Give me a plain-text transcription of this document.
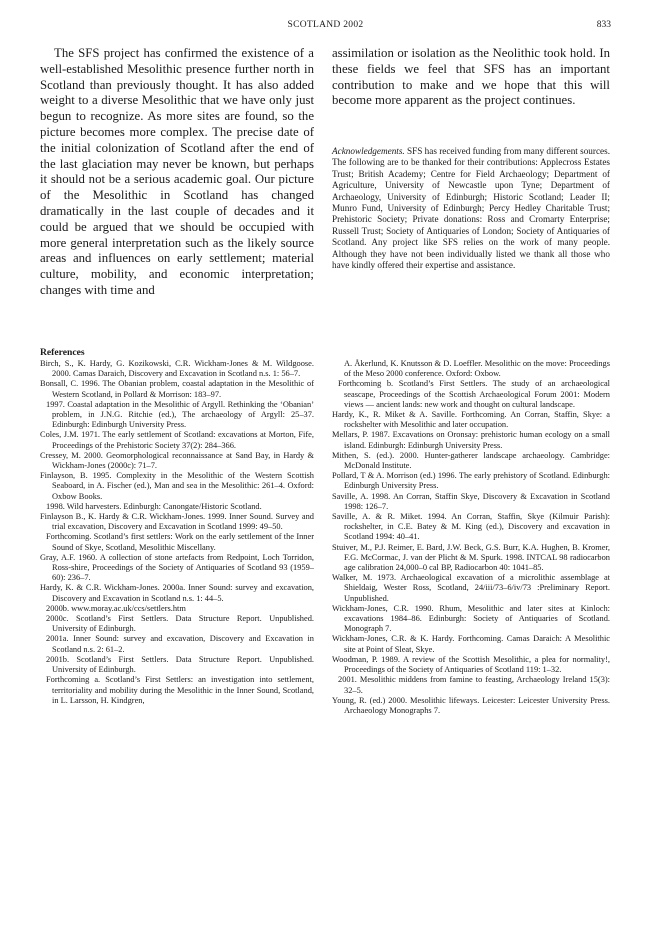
SCOTLAND 2002	833

The SFS project has confirmed the existence of a well-established Mesolithic presence further north in Scotland than previously thought. It has also added weight to a diverse Mesolithic that we have only just begun to recognize. As more sites are found, so the picture becomes more complex. The precise date of the initial colonization of Scotland after the end of the last glaciation may never be known, but perhaps it should not be a serious academic goal. Our picture of the Mesolithic in Scotland has changed dramatically in the last couple of decades and it could be argued that we should be occupied with more general interpretation such as the likely source areas and influences on early settlement; material culture, mobility, and economic interpretation; changes with time and

assimilation or isolation as the Neolithic took hold. In these fields we feel that SFS has an important contribution to make and we hope that this will become more apparent as the project continues.

Acknowledgements. SFS has received funding from many different sources. The following are to be thanked for their contributions: Applecross Estates Trust; British Academy; Centre for Field Archaeology; Department of Agriculture, University of Newcastle upon Tyne; Department of Archaeology, University of Edinburgh; Historic Scotland; Leader II; Munro Fund, University of Edinburgh; Percy Hedley Charitable Trust; Prehistoric Society; Private donations: Ross and Cromarty Enterprise; Russell Trust; Society of Antiquaries of London; Society of Antiquaries of Scotland. Any project like SFS relies on the work of many people. Although they have not been individually listed we thank all those who have kindly offered their expertise and assistance.
References

Birch, S., K. Hardy, G. Kozikowski, C.R. Wickham-Jones & M. Wildgoose. 2000. Camas Daraich, Discovery and Excavation in Scotland n.s. 1: 56–7.

Bonsall, C. 1996. The Obanian problem, coastal adaptation in the Mesolithic of Western Scotland, in Pollard & Morrison: 183–97.

1997. Coastal adaptation in the Mesolithic of Argyll. Rethinking the ‘Obanian’ problem, in J.N.G. Ritchie (ed.), The archaeology of Argyll: 25–37. Edinburgh: Edinburgh University Press.

Coles, J.M. 1971. The early settlement of Scotland: excavations at Morton, Fife, Proceedings of the Prehistoric Society 37(2): 284–366.

Cressey, M. 2000. Geomorphological reconnaissance at Sand Bay, in Hardy & Wickham-Jones (2000c): 71–7.

Finlayson, B. 1995. Complexity in the Mesolithic of the Western Scottish Seaboard, in A. Fischer (ed.), Man and sea in the Mesolithic: 261–4. Oxford: Oxbow Books.

1998. Wild harvesters. Edinburgh: Canongate/Historic Scotland.

Finlayson B., K. Hardy & C.R. Wickham-Jones. 1999. Inner Sound. Survey and trial excavation, Discovery and Excavation in Scotland 1999: 49–50.

Forthcoming. Scotland’s first settlers: Work on the early settlement of the Inner Sound of Skye, Scotland, Mesolithic Miscellany.

Gray, A.F. 1960. A collection of stone artefacts from Redpoint, Loch Torridon, Ross-shire, Proceedings of the Society of Antiquaries of Scotland 93 (1959–60): 236–7.

Hardy, K. & C.R. Wickham-Jones. 2000a. Inner Sound: survey and excavation, Discovery and Excavation in Scotland n.s. 1: 44–5.

2000b. www.moray.ac.uk/ccs/settlers.htm

2000c. Scotland’s First Settlers. Data Structure Report. Unpublished. University of Edinburgh.

2001a. Inner Sound: survey and excavation, Discovery and Excavation in Scotland n.s. 2: 61–2.

2001b. Scotland’s First Settlers. Data Structure Report. Unpublished. University of Edinburgh.

Forthcoming a. Scotland’s First Settlers: an investigation into settlement, territoriality and mobility during the Mesolithic in the Inner Sound, Scotland, in L. Larsson, H. Kindgren,

A. Åkerlund, K. Knutsson & D. Loeffler. Mesolithic on the move: Proceedings of the Meso 2000 conference. Oxford: Oxbow.

Forthcoming b. Scotland’s First Settlers. The study of an archaeological seascape, Proceedings of the Scottish Archaeological Forum 2001: Modern views — ancient lands: new work and thought on cultural landscape.

Hardy, K., R. Miket & A. Saville. Forthcoming. An Corran, Staffin, Skye: a rockshelter with Mesolithic and later occupation.

Mellars, P. 1987. Excavations on Oronsay: prehistoric human ecology on a small island. Edinburgh: Edinburgh University Press.

Mithen, S. (ed.). 2000. Hunter-gatherer landscape archaeology. Cambridge: McDonald Institute.

Pollard, T & A. Morrison (ed.) 1996. The early prehistory of Scotland. Edinburgh: Edinburgh University Press.

Saville, A. 1998. An Corran, Staffin Skye, Discovery & Excavation in Scotland 1998: 126–7.

Saville, A. & R. Miket. 1994. An Corran, Staffin, Skye (Kilmuir Parish): rockshelter, in C.E. Batey & M. King (ed.), Discovery and excavation in Scotland 1994: 40–41.

Stuiver, M., P.J. Reimer, E. Bard, J.W. Beck, G.S. Burr, K.A. Hughen, B. Kromer, F.G. McCormac, J. van der Plicht & M. Spurk. 1998. INTCAL 98 radiocarbon age calibration 24,000–0 cal BP, Radiocarbon 40: 1041–85.

Walker, M. 1973. Archaeological excavation of a microlithic assemblage at Shieldaig, Wester Ross, Scotland, 24/iii/73–6/iv/73 :Preliminary Report. Unpublished.

Wickham-Jones, C.R. 1990. Rhum, Mesolithic and later sites at Kinloch: excavations 1984–86. Edinburgh: Society of Antiquaries of Scotland. Monograph 7.

Wickham-Jones, C.R. & K. Hardy. Forthcoming. Camas Daraich: A Mesolithic site at Point of Sleat, Skye.

Woodman, P. 1989. A review of the Scottish Mesolithic, a plea for normality!, Proceedings of the Society of Antiquaries of Scotland 119: 1–32.

2001. Mesolithic middens from famine to feasting, Archaeology Ireland 15(3): 32–5.

Young, R. (ed.) 2000. Mesolithic lifeways. Leicester: Leicester University Press. Archaeology Monographs 7.
